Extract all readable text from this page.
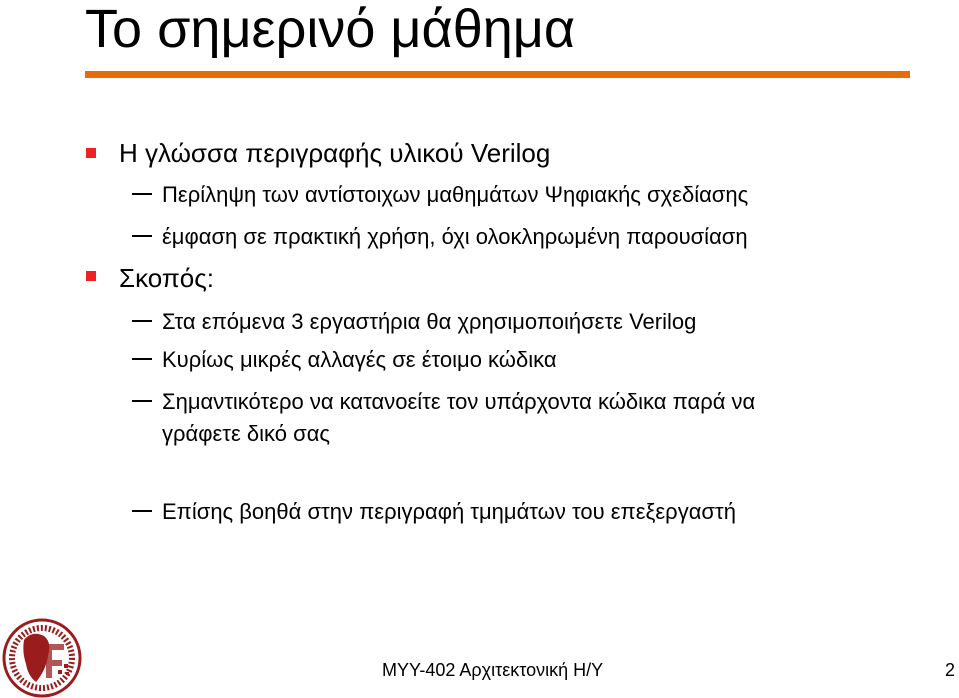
Το σημερινό μάθημα
Η γλώσσα περιγραφής υλικού Verilog
Περίληψη των αντίστοιχων μαθημάτων Ψηφιακής σχεδίασης
έμφαση σε πρακτική χρήση, όχι ολοκληρωμένη παρουσίαση
Σκοπός:
Στα επόμενα 3 εργαστήρια θα χρησιμοποιήσετε Verilog
Κυρίως μικρές αλλαγές σε έτοιμο κώδικα
Σημαντικότερο να κατανοείτε τον υπάρχοντα κώδικα παρά να
γράφετε δικό σας
Επίσης βοηθά στην περιγραφή τμημάτων του επεξεργαστή
ΜΥΥ-402 Αρχιτεκτονική Η/Υ	2
